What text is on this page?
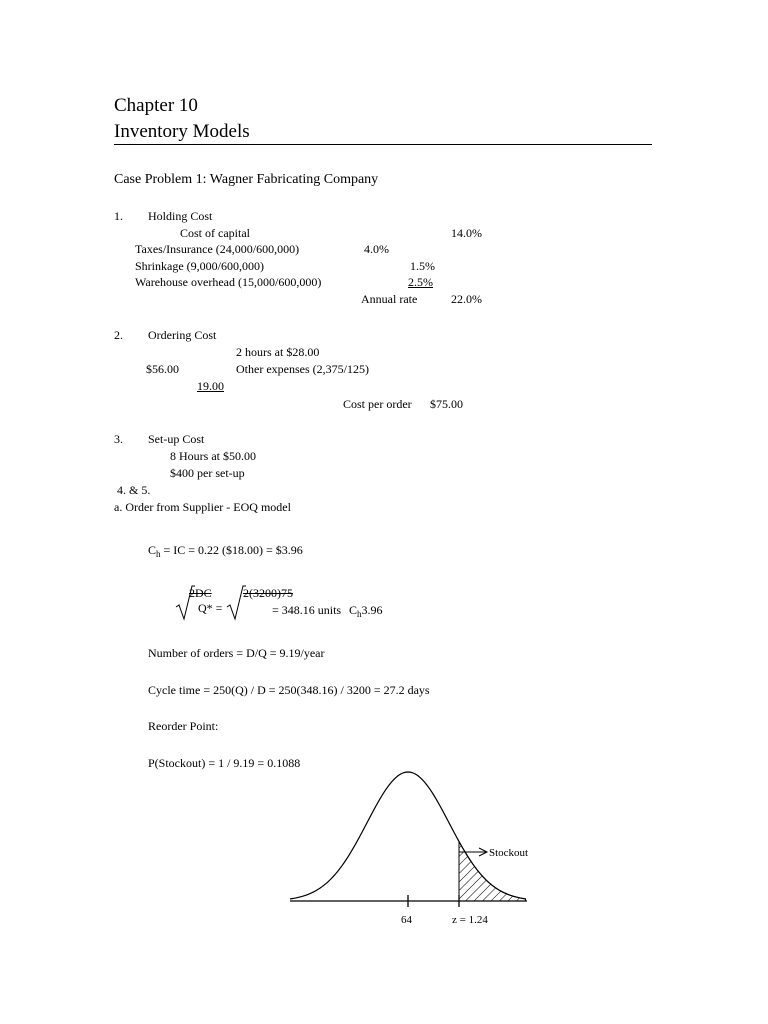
Chapter 10
Inventory Models
Case Problem 1: Wagner Fabricating Company
1. Holding Cost
Cost of capital	14.0%
Taxes/Insurance (24,000/600,000)	4.0%
Shrinkage (9,000/600,000)	1.5%
Warehouse overhead (15,000/600,000)	2.5%
Annual rate	22.0%
2. Ordering Cost
2 hours at $28.00
$56.00	Other expenses (2,375/125)
19.00
Cost per order $75.00
3. Set-up Cost
8 Hours at $50.00
$400 per set-up
4. & 5.
a. Order from Supplier - EOQ model
$C_h$ = IC = 0.22 ($18.00) = $3.96
2DC
Q* =
2(3200)75
= 348.16 units $C_h3.96$
Number of orders = D/Q = 9.19/year
Cycle time = 250(Q) / D = 250(348.16) / 3200 = 27.2 days
Reorder Point:
P(Stockout) = 1 / 9.19 = 0.1088
Stockout
64	z = 1.24
